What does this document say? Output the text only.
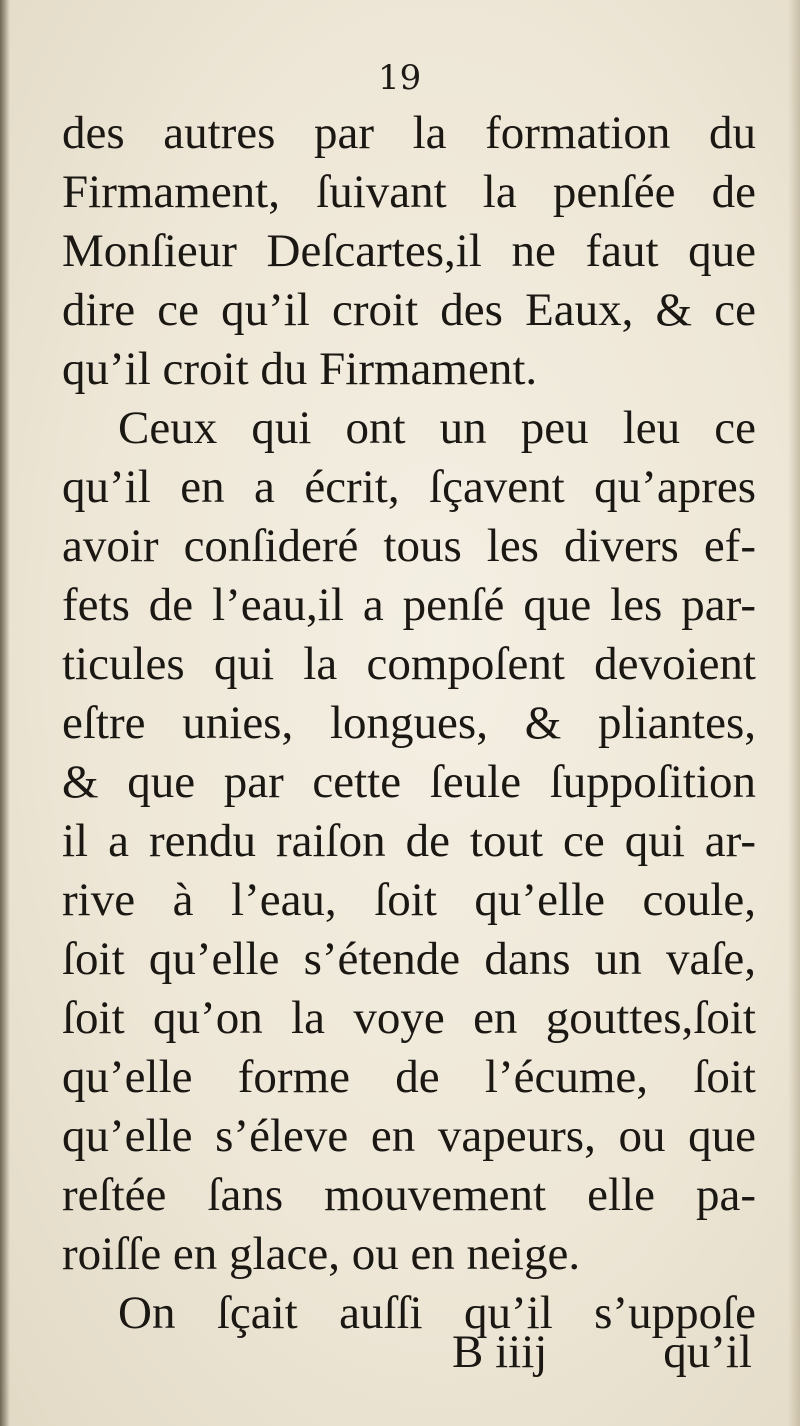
19
des autres par la formation du
Firmament, ſuivant la penſée de
Monſieur Deſcartes,il ne faut que
dire ce qu’il croit des Eaux, & ce
qu’il croit du Firmament.
Ceux qui ont un peu leu ce
qu’il en a écrit, ſçavent qu’apres
avoir conſideré tous les divers ef-
fets de l’eau,il a penſé que les par-
ticules qui la compoſent devoient
eſtre unies, longues, & pliantes,
& que par cette ſeule ſuppoſition
il a rendu raiſon de tout ce qui ar-
rive à l’eau, ſoit qu’elle coule,
ſoit qu’elle s’étende dans un vaſe,
ſoit qu’on la voye en gouttes,ſoit
qu’elle forme de l’écume, ſoit
qu’elle s’éleve en vapeurs, ou que
reſtée ſans mouvement elle pa-
roiſſe en glace, ou en neige.
On ſçait auſſi qu’il s’uppoſe
B iiij qu’il
